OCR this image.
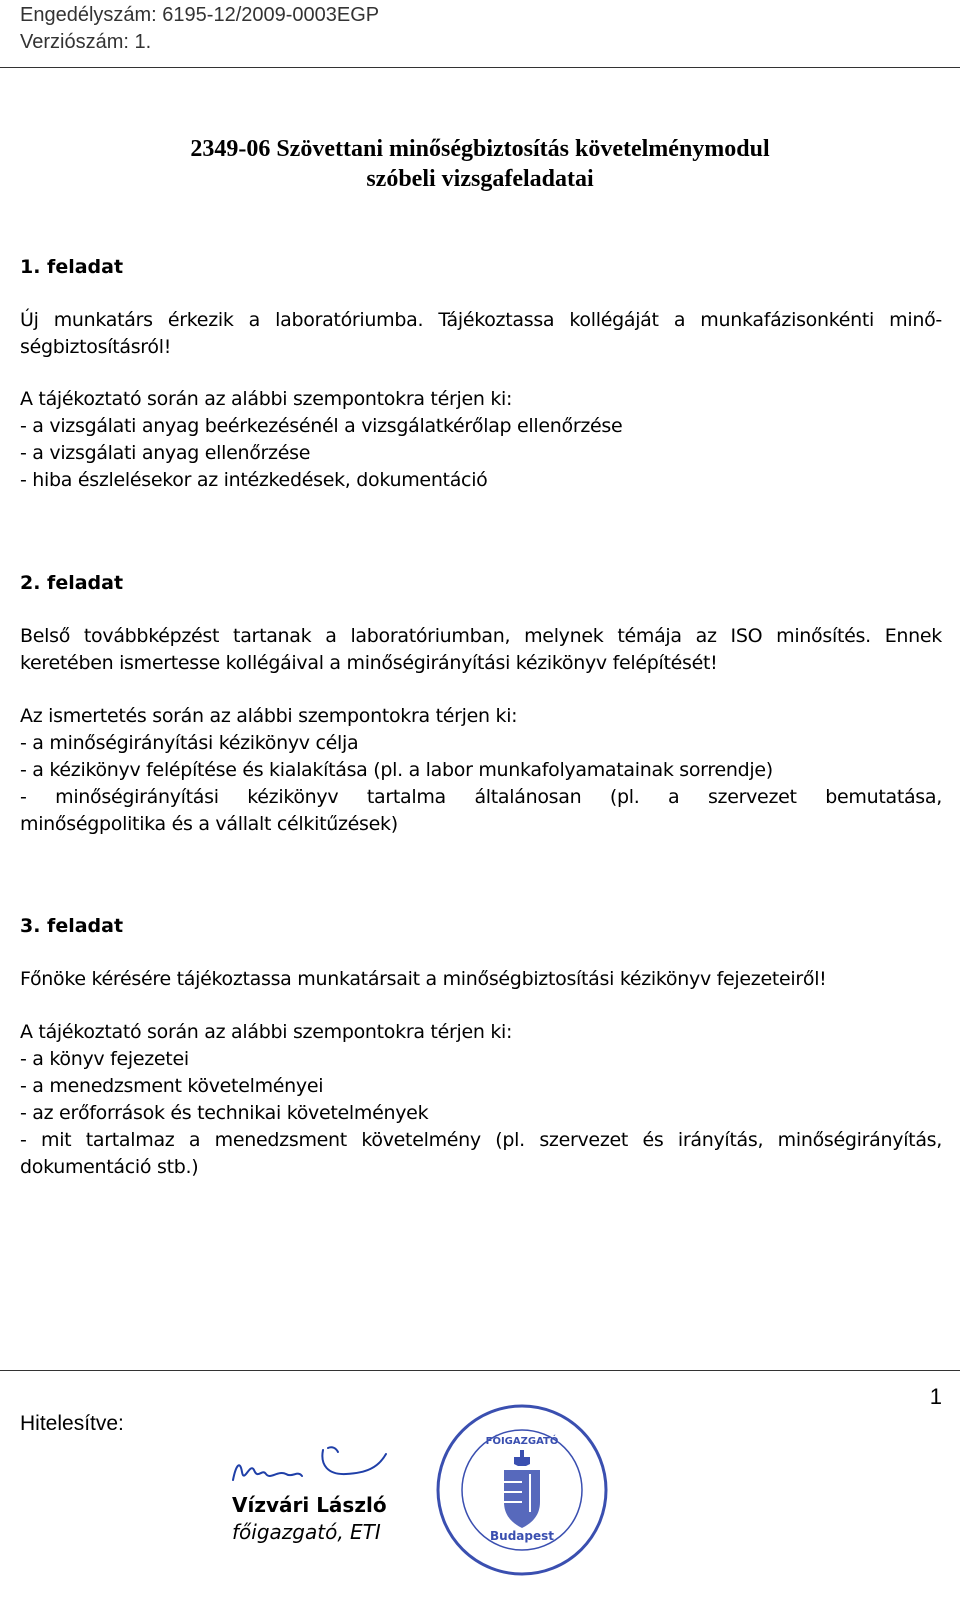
Engedélyszám: 6195-12/2009-0003EGP
Verziószám: 1.
2349-06 Szövettani minőségbiztosítás követelménymodul
szóbeli vizsgafeladatai
1. feladat
Új munkatárs érkezik a laboratóriumba. Tájékoztassa kollégáját a munkafázisonkénti minő-
ségbiztosításról!
A tájékoztató során az alábbi szempontokra térjen ki:
- a vizsgálati anyag beérkezésénél a vizsgálatkérőlap ellenőrzése
- a vizsgálati anyag ellenőrzése
- hiba észlelésekor az intézkedések, dokumentáció
2. feladat
Belső továbbképzést tartanak a laboratóriumban, melynek témája az ISO minősítés. Ennek
keretében ismertesse kollégáival a minőségirányítási kézikönyv felépítését!
Az ismertetés során az alábbi szempontokra térjen ki:
- a minőségirányítási kézikönyv célja
- a kézikönyv felépítése és kialakítása (pl. a labor munkafolyamatainak sorrendje)
- minőségirányítási kézikönyv tartalma általánosan (pl. a szervezet bemutatása,
minőségpolitika és a vállalt célkitűzések)
3. feladat
Főnöke kérésére tájékoztassa munkatársait a minőségbiztosítási kézikönyv fejezeteiről!
A tájékoztató során az alábbi szempontokra térjen ki:
- a könyv fejezetei
- a menedzsment követelményei
- az erőforrások és technikai követelmények
- mit tartalmaz a menedzsment követelmény (pl. szervezet és irányítás, minőségirányítás,
dokumentáció stb.)
1
Hitelesítve:
Vízvári László
főigazgató, ETI	Budapest
FŐIGAZGATÓ
